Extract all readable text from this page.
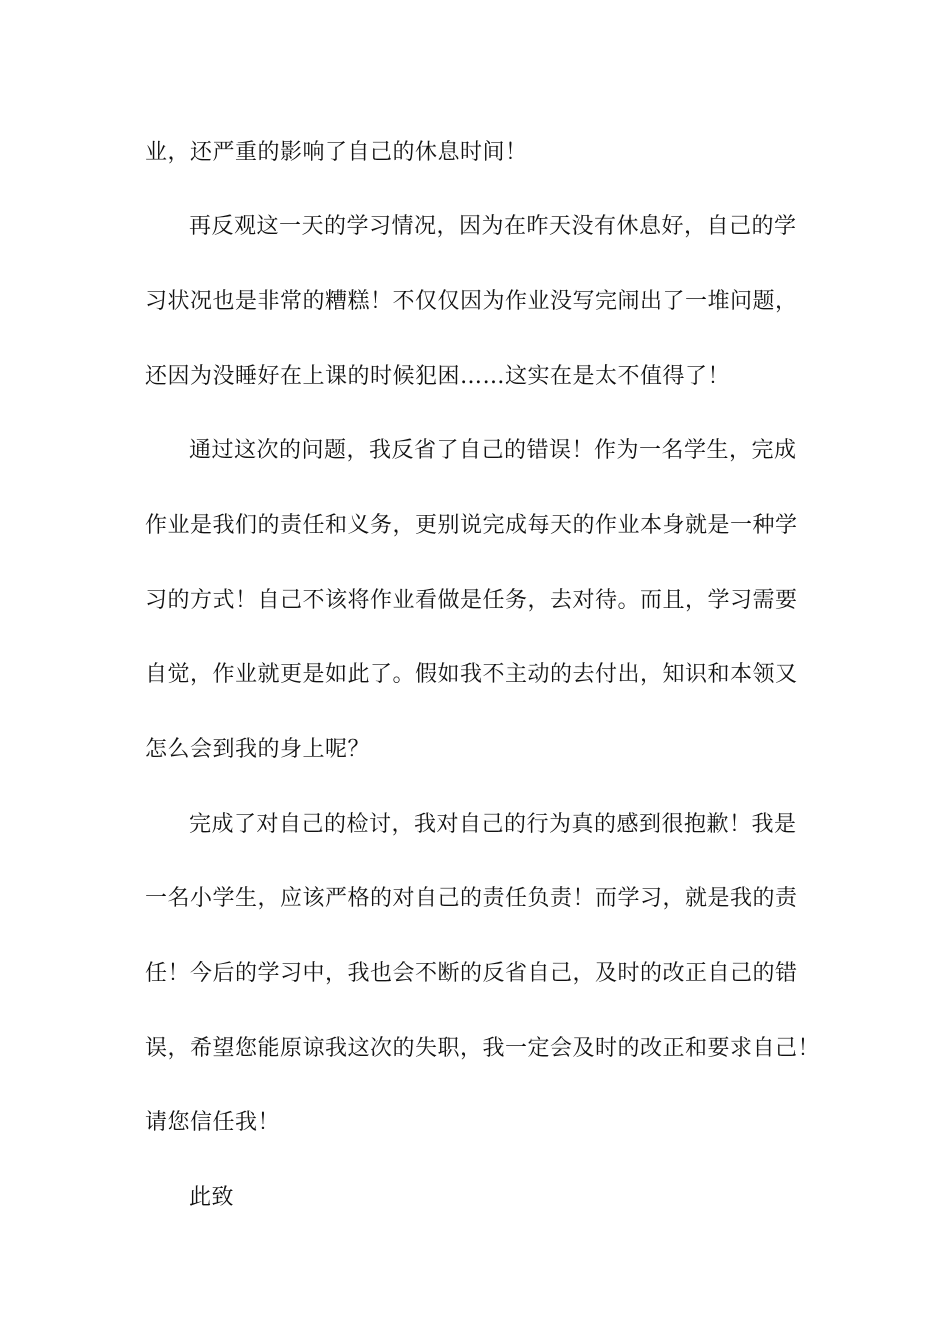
业，还严重的影响了自己的休息时间！
再反观这一天的学习情况，因为在昨天没有休息好，自己的学
习状况也是非常的糟糕！不仅仅因为作业没写完闹出了一堆问题，
还因为没睡好在上课的时候犯困……这实在是太不值得了！
通过这次的问题，我反省了自己的错误！作为一名学生，完成
作业是我们的责任和义务，更别说完成每天的作业本身就是一种学
习的方式！自己不该将作业看做是任务，去对待。而且，学习需要
自觉，作业就更是如此了。假如我不主动的去付出，知识和本领又
怎么会到我的身上呢？
完成了对自己的检讨，我对自己的行为真的感到很抱歉！我是
一名小学生，应该严格的对自己的责任负责！而学习，就是我的责
任！今后的学习中，我也会不断的反省自己，及时的改正自己的错
误，希望您能原谅我这次的失职，我一定会及时的改正和要求自己！
请您信任我！
此致
